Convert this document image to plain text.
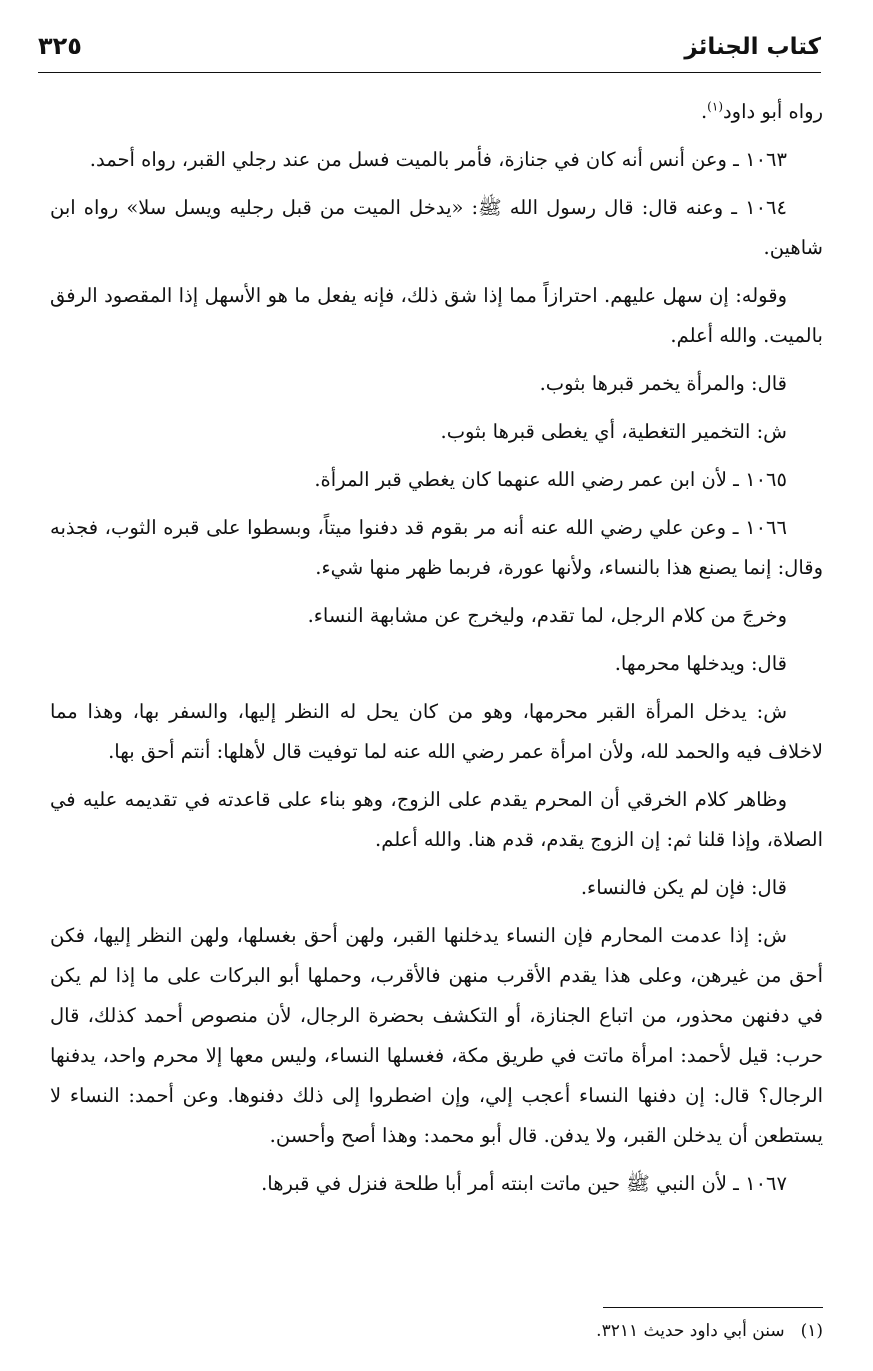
كتاب الجنائز
٣٢٥

رواه أبو داود$^{(١)}$.

١٠٦٣ ـ وعن أنس أنه كان في جنازة، فأمر بالميت فسل من عند رجلي القبر، رواه أحمد.

١٠٦٤ ـ وعنه قال: قال رسول الله ﷺ: «يدخل الميت من قبل رجليه ويسل سلا» رواه ابن شاهين.

وقوله: إن سهل عليهم. احترازاً مما إذا شق ذلك، فإنه يفعل ما هو الأسهل إذا المقصود الرفق بالميت. والله أعلم.

قال: والمرأة يخمر قبرها بثوب.

ش: التخمير التغطية، أي يغطى قبرها بثوب.

١٠٦٥ ـ لأن ابن عمر رضي الله عنهما كان يغطي قبر المرأة.

١٠٦٦ ـ وعن علي رضي الله عنه أنه مر بقوم قد دفنوا ميتاً، وبسطوا على قبره الثوب، فجذبه وقال: إنما يصنع هذا بالنساء، ولأنها عورة، فربما ظهر منها شيء.

وخرجَ من كلام الرجل، لما تقدم، وليخرج عن مشابهة النساء.

قال: ويدخلها محرمها.

ش: يدخل المرأة القبر محرمها، وهو من كان يحل له النظر إليها، والسفر بها، وهذا مما لاخلاف فيه والحمد لله، ولأن امرأة عمر رضي الله عنه لما توفيت قال لأهلها: أنتم أحق بها.

وظاهر كلام الخرقي أن المحرم يقدم على الزوج، وهو بناء على قاعدته في تقديمه عليه في الصلاة، وإذا قلنا ثم: إن الزوج يقدم، قدم هنا. والله أعلم.

قال: فإن لم يكن فالنساء.

ش: إذا عدمت المحارم فإن النساء يدخلنها القبر، ولهن أحق بغسلها، ولهن النظر إليها، فكن أحق من غيرهن، وعلى هذا يقدم الأقرب منهن فالأقرب، وحملها أبو البركات على ما إذا لم يكن في دفنهن محذور، من اتباع الجنازة، أو التكشف بحضرة الرجال، لأن منصوص أحمد كذلك، قال حرب: قيل لأحمد: امرأة ماتت في طريق مكة، فغسلها النساء، وليس معها إلا محرم واحد، يدفنها الرجال؟ قال: إن دفنها النساء أعجب إلي، وإن اضطروا إلى ذلك دفنوها. وعن أحمد: النساء لا يستطعن أن يدخلن القبر، ولا يدفن. قال أبو محمد: وهذا أصح وأحسن.

١٠٦٧ ـ لأن النبي ﷺ حين ماتت ابنته أمر أبا طلحة فنزل في قبرها.

(١)سنن أبي داود حديث ٣٢١١.
